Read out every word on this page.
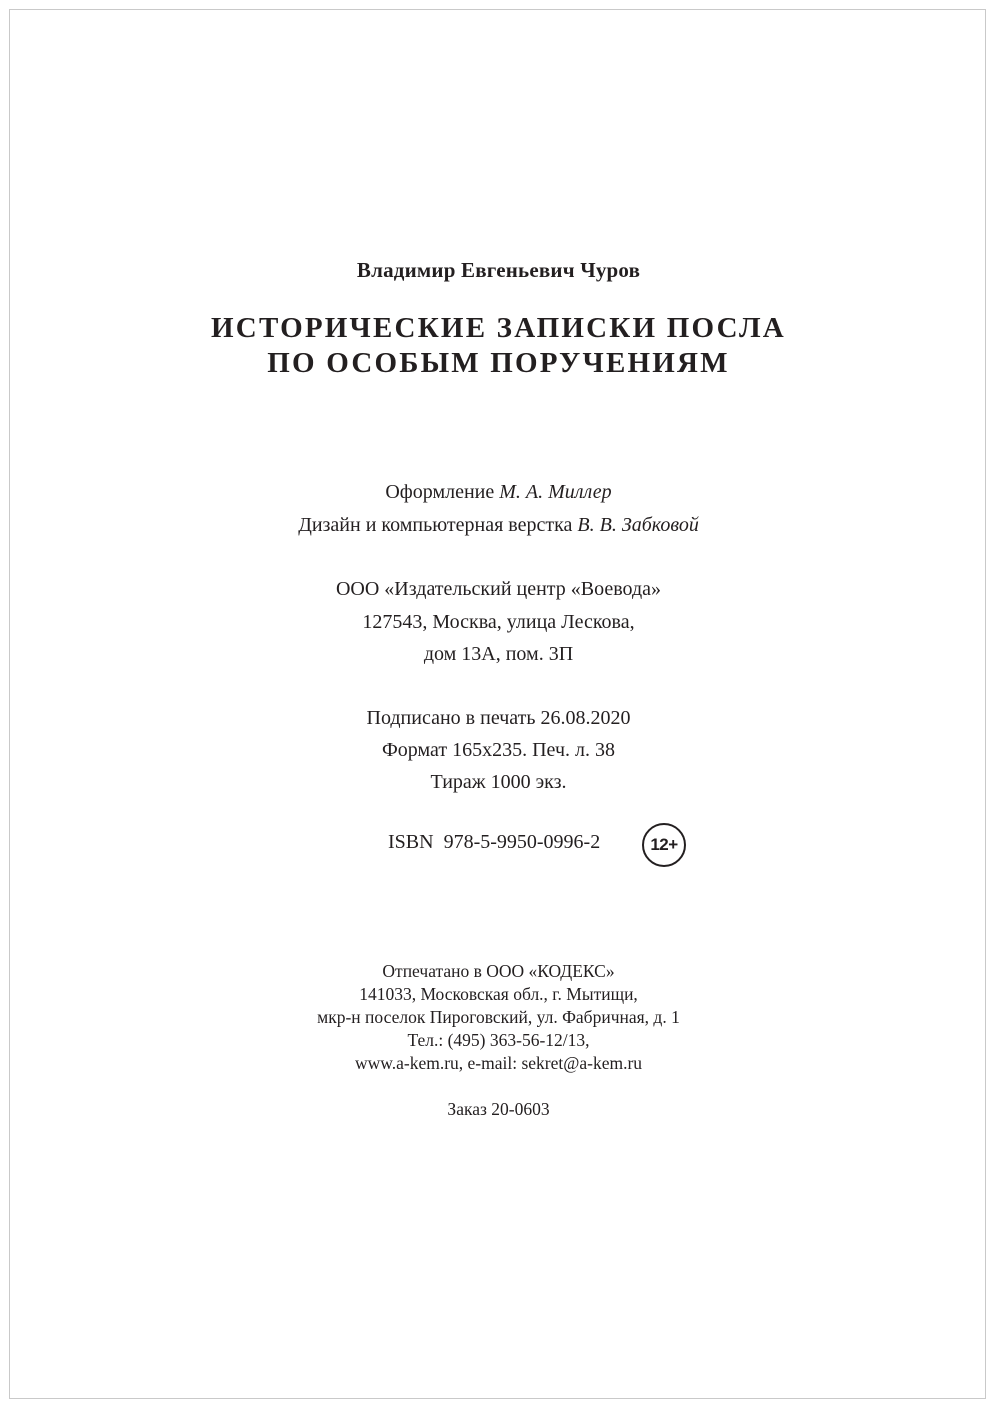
Владимир Евгеньевич Чуров
ИСТОРИЧЕСКИЕ ЗАПИСКИ ПОСЛА
ПО ОСОБЫМ ПОРУЧЕНИЯМ
Оформление М. А. Миллер
Дизайн и компьютерная верстка В. В. Забковой
ООО «Издательский центр «Воевода»
127543, Москва, улица Лескова,
дом 13А, пом. 3П
Подписано в печать 26.08.2020
Формат 165х235. Печ. л. 38
Тираж 1000 экз.
ISBN  978-5-9950-0996-2	12+
Отпечатано в ООО «КОДЕКС»
141033, Московская обл., г. Мытищи,
мкр-н поселок Пироговский, ул. Фабричная, д. 1
Тел.: (495) 363-56-12/13,
www.a-kem.ru, e-mail: sekret@a-kem.ru
Заказ 20-0603
